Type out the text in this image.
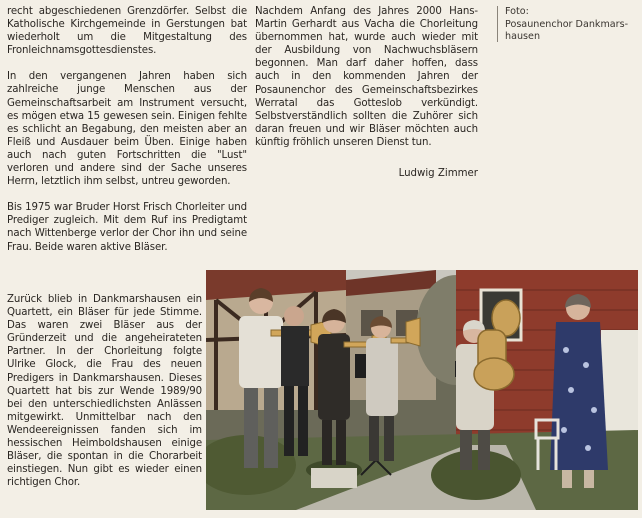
recht abgeschiedenen Grenzdörfer. Selbst die Katholische Kirchgemeinde in Gerstungen bat wiederholt um die Mitgestaltung des Fronleichnamsgottesdienstes.

In den vergangenen Jahren haben sich zahlreiche junge Menschen aus der Gemeinschaftsarbeit am Instrument versucht, es mögen etwa 15 gewesen sein. Einigen fehlte es schlicht an Begabung, den meisten aber an Fleiß und Ausdauer beim Üben. Einige haben auch nach guten Fortschritten die "Lust" verloren und andere sind der Sache unseres Herrn, letztlich ihm selbst, untreu geworden.

Bis 1975 war Bruder Horst Frisch Chorleiter und Prediger zugleich. Mit dem Ruf ins Predigtamt nach Wittenberge verlor der Chor ihn und seine Frau. Beide waren aktive Bläser.

Zurück blieb in Dankmarshausen ein Quartett, ein Bläser für jede Stimme. Das waren zwei Bläser aus der Gründerzeit und die angeheirateten Partner. In der Chorleitung folgte Ulrike Glock, die Frau des neuen Predigers in Dankmarshausen. Dieses Quartett hat bis zur Wende 1989/90 bei den unterschiedlichsten Anlässen mitgewirkt. Unmittelbar nach den Wendeereignissen fanden sich im hessischen Heimboldshausen einige Bläser, die spontan in die Chorarbeit einstiegen. Nun gibt es wieder einen richtigen Chor.

Nachdem Anfang des Jahres 2000 Hans-Martin Gerhardt aus Vacha die Chorleitung übernommen hat, wurde auch wieder mit der Ausbildung von Nachwuchsbläsern begonnen. Man darf daher hoffen, dass auch in den kommenden Jahren der Posaunenchor des Gemeinschaftsbezirkes Werratal das Gotteslob verkündigt. Selbstverständlich sollten die Zuhörer sich daran freuen und wir Bläser möchten auch künftig fröhlich unseren Dienst tun.

Ludwig Zimmer
Foto:
Posaunenchor Dankmars-
hausen
